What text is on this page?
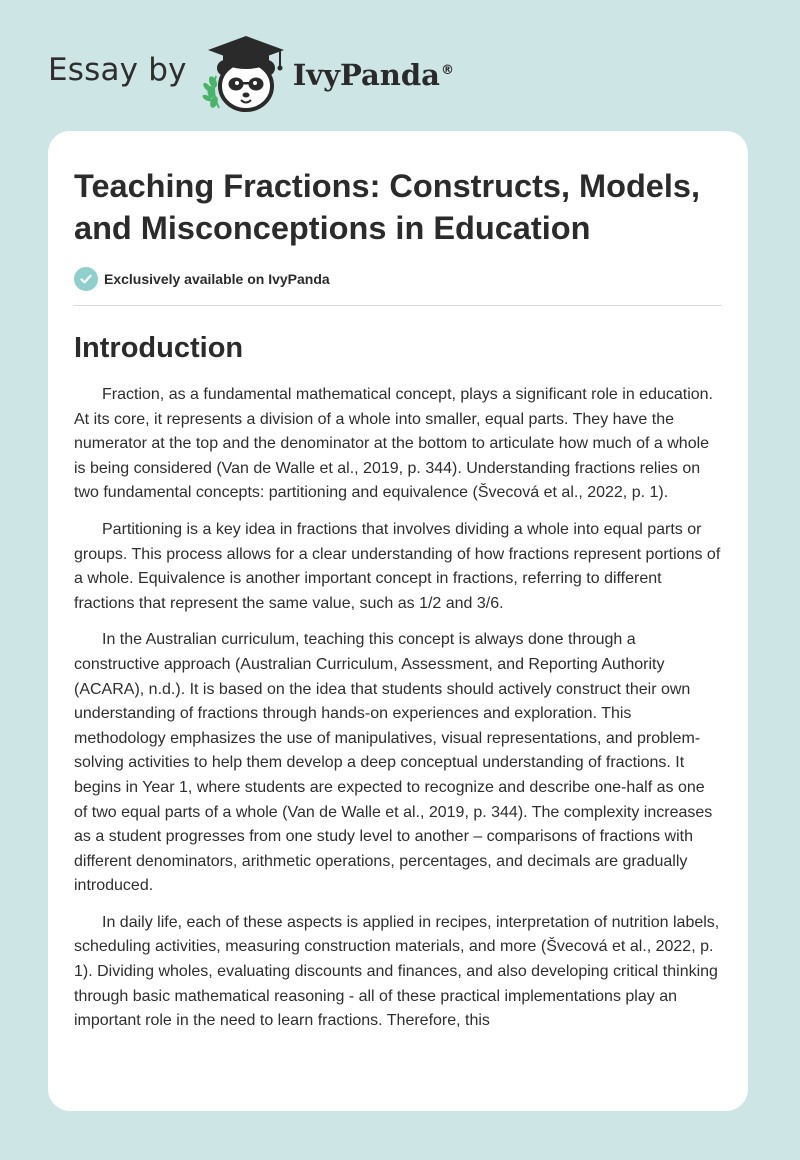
Essay by	IvyPanda®
Teaching Fractions: Constructs, Models, and Misconceptions in Education
Exclusively available on IvyPanda
Introduction

Fraction, as a fundamental mathematical concept, plays a significant role in education. At its core, it represents a division of a whole into smaller, equal parts. They have the numerator at the top and the denominator at the bottom to articulate how much of a whole is being considered (Van de Walle et al., 2019, p. 344). Understanding fractions relies on two fundamental concepts: partitioning and equivalence (Švecová et al., 2022, p. 1).

Partitioning is a key idea in fractions that involves dividing a whole into equal parts or groups. This process allows for a clear understanding of how fractions represent portions of a whole. Equivalence is another important concept in fractions, referring to different fractions that represent the same value, such as 1/2 and 3/6.

In the Australian curriculum, teaching this concept is always done through a constructive approach (Australian Curriculum, Assessment, and Reporting Authority (ACARA), n.d.). It is based on the idea that students should actively construct their own understanding of fractions through hands-on experiences and exploration. This methodology emphasizes the use of manipulatives, visual representations, and problem-solving activities to help them develop a deep conceptual understanding of fractions. It begins in Year 1, where students are expected to recognize and describe one-half as one of two equal parts of a whole (Van de Walle et al., 2019, p. 344). The complexity increases as a student progresses from one study level to another – comparisons of fractions with different denominators, arithmetic operations, percentages, and decimals are gradually introduced.

In daily life, each of these aspects is applied in recipes, interpretation of nutrition labels, scheduling activities, measuring construction materials, and more (Švecová et al., 2022, p. 1). Dividing wholes, evaluating discounts and finances, and also developing critical thinking through basic mathematical reasoning - all of these practical implementations play an important role in the need to learn fractions. Therefore, this
